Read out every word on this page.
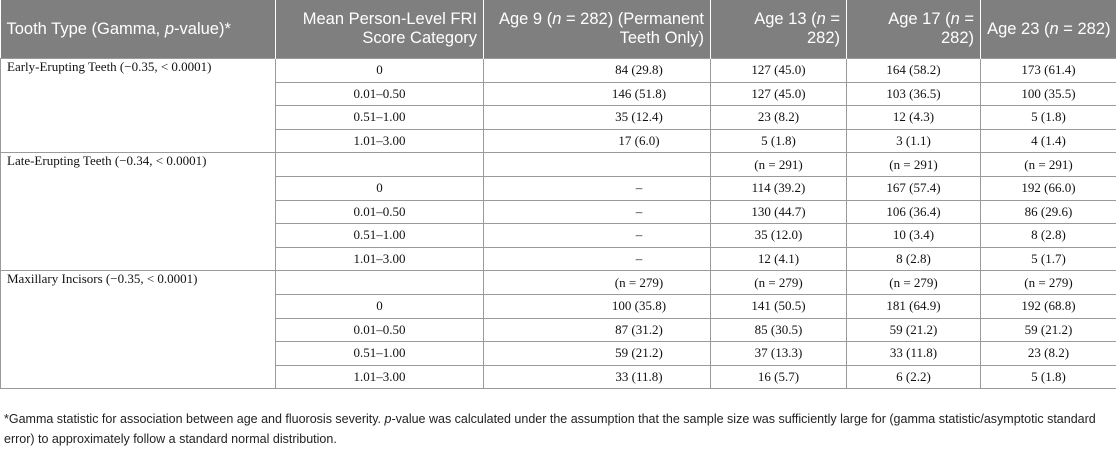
Tooth Type (Gamma, p-value)*	Mean Person-Level FRI Score Category	Age 9 (n = 282) (Permanent Teeth Only)	Age 13 (n = 282)	Age 17 (n = 282)	Age 23 (n = 282)
Early-Erupting Teeth (−0.35, < 0.0001)	0	84 (29.8)	127 (45.0)	164 (58.2)	173 (61.4)
	0.01–0.50	146 (51.8)	127 (45.0)	103 (36.5)	100 (35.5)
	0.51–1.00	35 (12.4)	23 (8.2)	12 (4.3)	5 (1.8)
	1.01–3.00	17 (6.0)	5 (1.8)	3 (1.1)	4 (1.4)
Late-Erupting Teeth (−0.34, < 0.0001)			(n = 291)	(n = 291)	(n = 291)
	0	–	114 (39.2)	167 (57.4)	192 (66.0)
	0.01–0.50	–	130 (44.7)	106 (36.4)	86 (29.6)
	0.51–1.00	–	35 (12.0)	10 (3.4)	8 (2.8)
	1.01–3.00	–	12 (4.1)	8 (2.8)	5 (1.7)
Maxillary Incisors (−0.35, < 0.0001)		(n = 279)	(n = 279)	(n = 279)	(n = 279)
	0	100 (35.8)	141 (50.5)	181 (64.9)	192 (68.8)
	0.01–0.50	87 (31.2)	85 (30.5)	59 (21.2)	59 (21.2)
	0.51–1.00	59 (21.2)	37 (13.3)	33 (11.8)	23 (8.2)
	1.01–3.00	33 (11.8)	16 (5.7)	6 (2.2)	5 (1.8)
*Gamma statistic for association between age and fluorosis severity. p-value was calculated under the assumption that the sample size was sufficiently large for (gamma statistic/asymptotic standard error) to approximately follow a standard normal distribution.
